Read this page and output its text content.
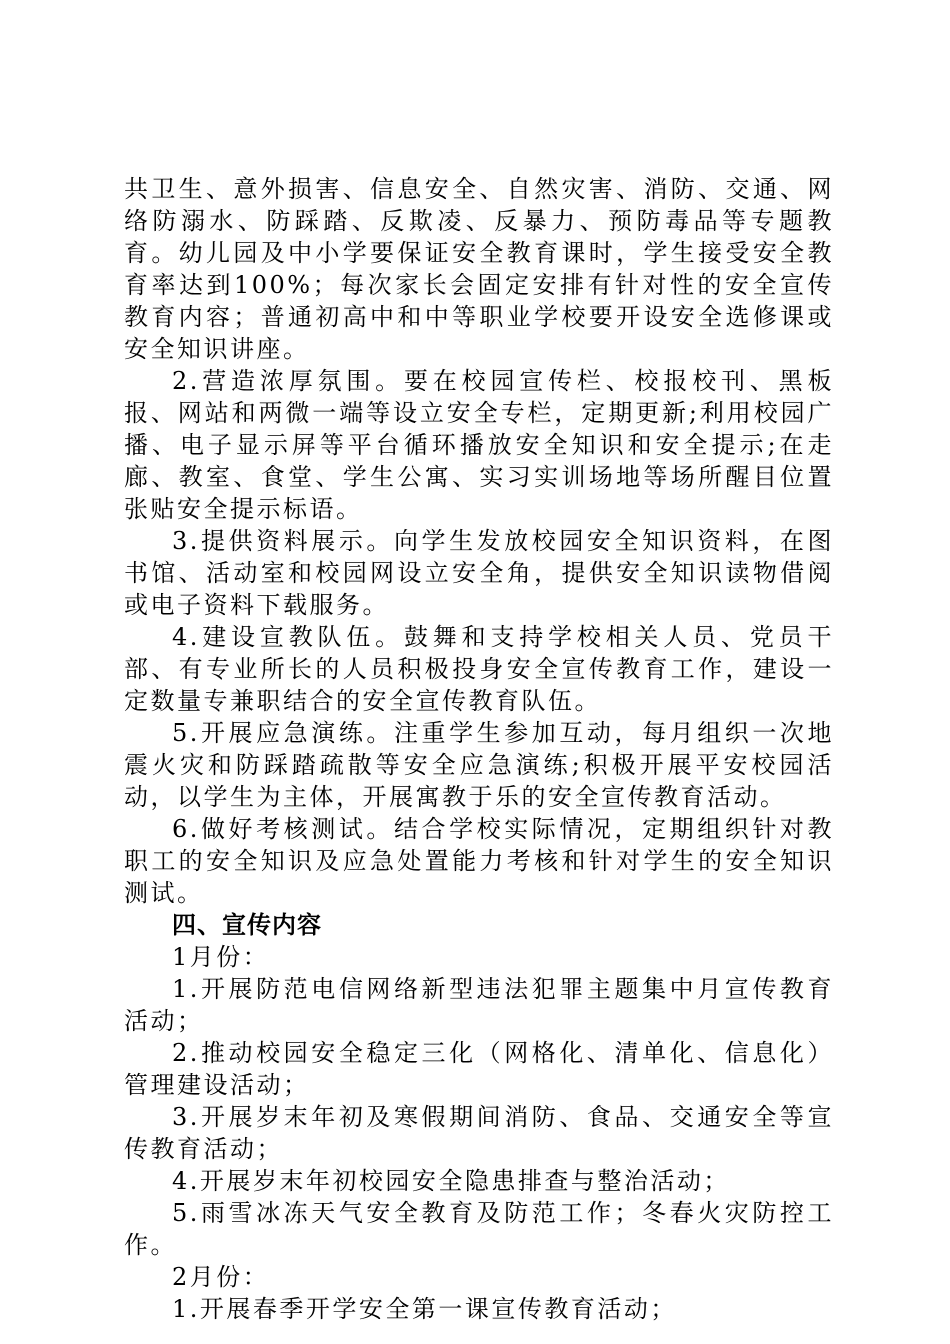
共卫生、意外损害、信息安全、自然灾害、消防、交通、网络防溺水、防踩踏、反欺凌、反暴力、预防毒品等专题教育。幼儿园及中小学要保证安全教育课时，学生接受安全教育率达到100%；每次家长会固定安排有针对性的安全宣传教育内容；普通初高中和中等职业学校要开设安全选修课或安全知识讲座。

2.营造浓厚氛围。要在校园宣传栏、校报校刊、黑板报、网站和两微一端等设立安全专栏，定期更新;利用校园广播、电子显示屏等平台循环播放安全知识和安全提示;在走廊、教室、食堂、学生公寓、实习实训场地等场所醒目位置张贴安全提示标语。

3.提供资料展示。向学生发放校园安全知识资料，在图书馆、活动室和校园网设立安全角，提供安全知识读物借阅或电子资料下载服务。

4.建设宣教队伍。鼓舞和支持学校相关人员、党员干部、有专业所长的人员积极投身安全宣传教育工作，建设一定数量专兼职结合的安全宣传教育队伍。

5.开展应急演练。注重学生参加互动，每月组织一次地震火灾和防踩踏疏散等安全应急演练;积极开展平安校园活动，以学生为主体，开展寓教于乐的安全宣传教育活动。

6.做好考核测试。结合学校实际情况，定期组织针对教职工的安全知识及应急处置能力考核和针对学生的安全知识测试。

四、宣传内容

1月份：

1.开展防范电信网络新型违法犯罪主题集中月宣传教育活动；

2.推动校园安全稳定三化（网格化、清单化、信息化）管理建设活动；

3.开展岁末年初及寒假期间消防、食品、交通安全等宣传教育活动；

4.开展岁末年初校园安全隐患排查与整治活动；

5.雨雪冰冻天气安全教育及防范工作；冬春火灾防控工作。

2月份：

1.开展春季开学安全第一课宣传教育活动；
